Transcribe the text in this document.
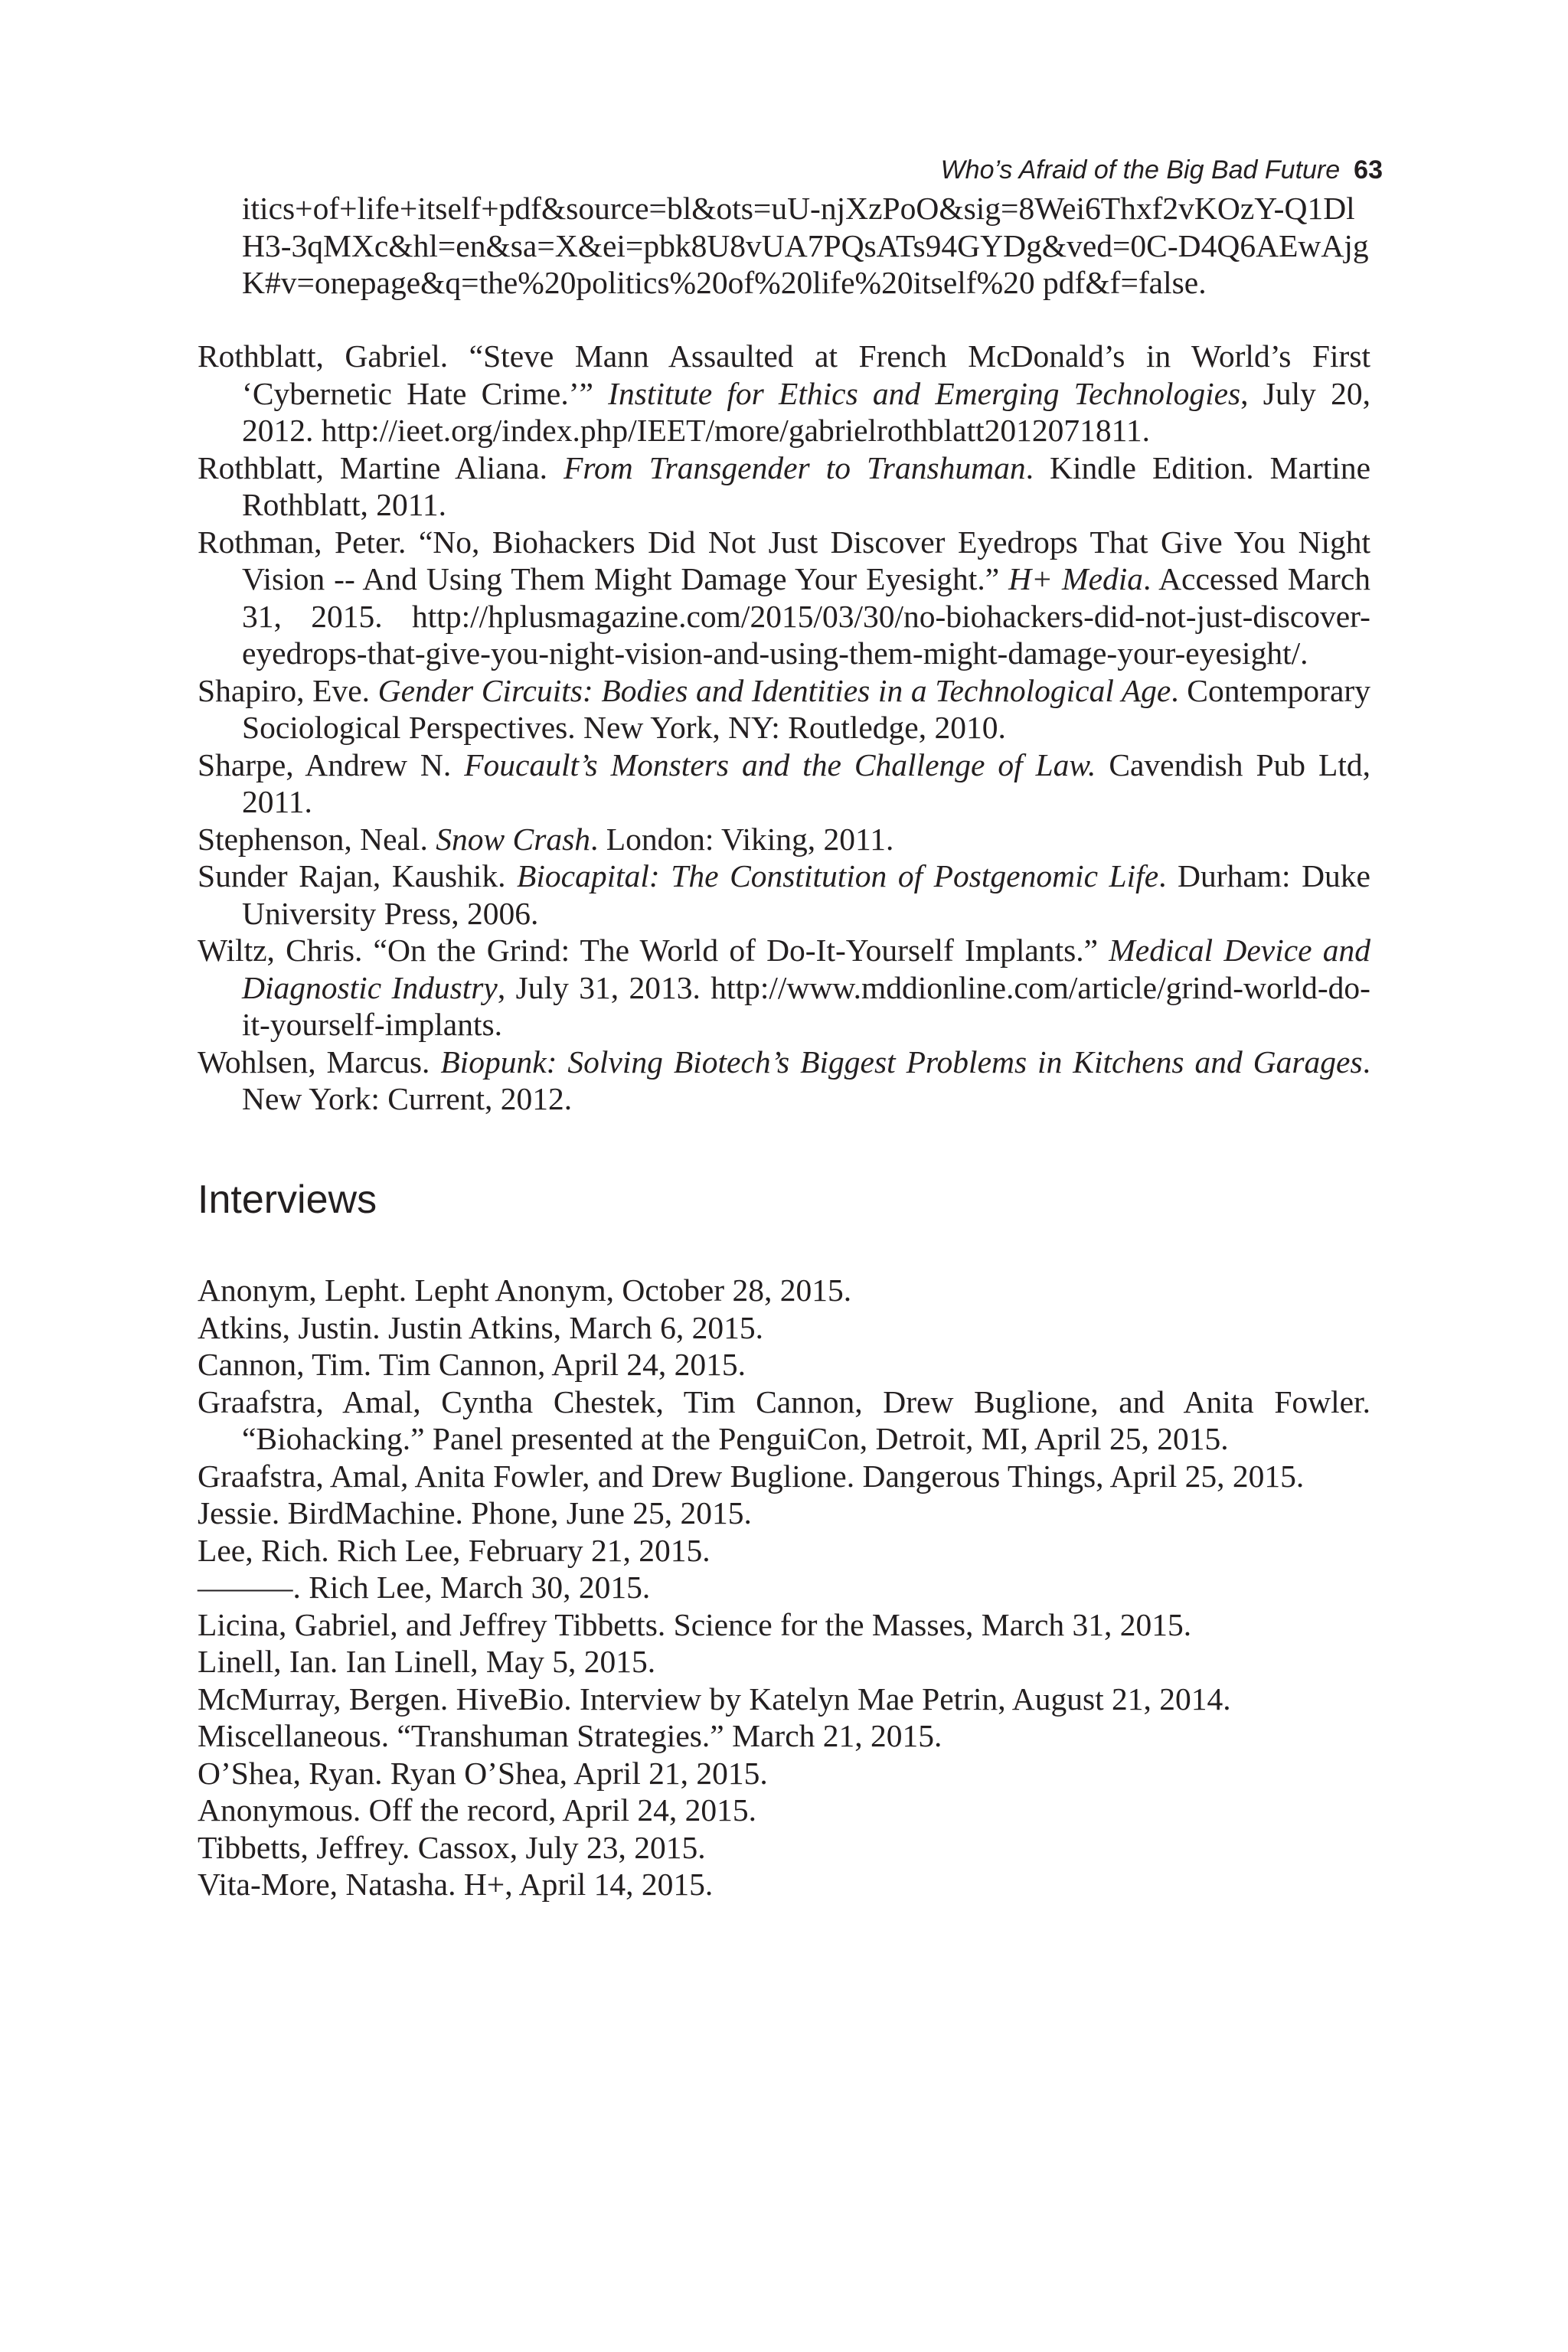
Who’s Afraid of the Big Bad Future 63
itics+of+life+itself+pdf&source=bl&ots=uU-njXzPoO&sig=8Wei6Thxf2vKOzY-Q1DlH3-3qMXc&hl=en&sa=X&ei=pbk8U8vUA7PQsATs94GYDg&ved=0C-D4Q6AEwAjgK#v=onepage&q=the%20politics%20of%20life%20itself%20 pdf&f=false.

Rothblatt, Gabriel. “Steve Mann Assaulted at French McDonald’s in World’s First ‘Cybernetic Hate Crime.’” Institute for Ethics and Emerging Technologies, July 20, 2012. http://ieet.org/index.php/IEET/more/gabrielrothblatt2012071811.

Rothblatt, Martine Aliana. From Transgender to Transhuman. Kindle Edition. Martine Rothblatt, 2011.

Rothman, Peter. “No, Biohackers Did Not Just Discover Eyedrops That Give You Night Vision -- And Using Them Might Damage Your Eyesight.” H+ Media. Accessed March 31, 2015. http://hplusmagazine.com/2015/03/30/no-biohackers-did-not-just-discover-eyedrops-that-give-you-night-vision-and-using-them-might-damage-your-eyesight/.

Shapiro, Eve. Gender Circuits: Bodies and Identities in a Technological Age. Contemporary Sociological Perspectives. New York, NY: Routledge, 2010.

Sharpe, Andrew N. Foucault’s Monsters and the Challenge of Law. Cavendish Pub Ltd, 2011.

Stephenson, Neal. Snow Crash. London: Viking, 2011.

Sunder Rajan, Kaushik. Biocapital: The Constitution of Postgenomic Life. Durham: Duke University Press, 2006.

Wiltz, Chris. “On the Grind: The World of Do-It-Yourself Implants.” Medical Device and Diagnostic Industry, July 31, 2013. http://www.mddionline.com/article/grind-world-do-it-yourself-implants.

Wohlsen, Marcus. Biopunk: Solving Biotech’s Biggest Problems in Kitchens and Garages. New York: Current, 2012.

Interviews

Anonym, Lepht. Lepht Anonym, October 28, 2015.

Atkins, Justin. Justin Atkins, March 6, 2015.

Cannon, Tim. Tim Cannon, April 24, 2015.

Graafstra, Amal, Cyntha Chestek, Tim Cannon, Drew Buglione, and Anita Fowler. “Biohacking.” Panel presented at the PenguiCon, Detroit, MI, April 25, 2015.

Graafstra, Amal, Anita Fowler, and Drew Buglione. Dangerous Things, April 25, 2015.

Jessie. BirdMachine. Phone, June 25, 2015.

Lee, Rich. Rich Lee, February 21, 2015.

———. Rich Lee, March 30, 2015.

Licina, Gabriel, and Jeffrey Tibbetts. Science for the Masses, March 31, 2015.

Linell, Ian. Ian Linell, May 5, 2015.

McMurray, Bergen. HiveBio. Interview by Katelyn Mae Petrin, August 21, 2014.

Miscellaneous. “Transhuman Strategies.” March 21, 2015.

O’Shea, Ryan. Ryan O’Shea, April 21, 2015.

Anonymous. Off the record, April 24, 2015.

Tibbetts, Jeffrey. Cassox, July 23, 2015.

Vita-More, Natasha. H+, April 14, 2015.
